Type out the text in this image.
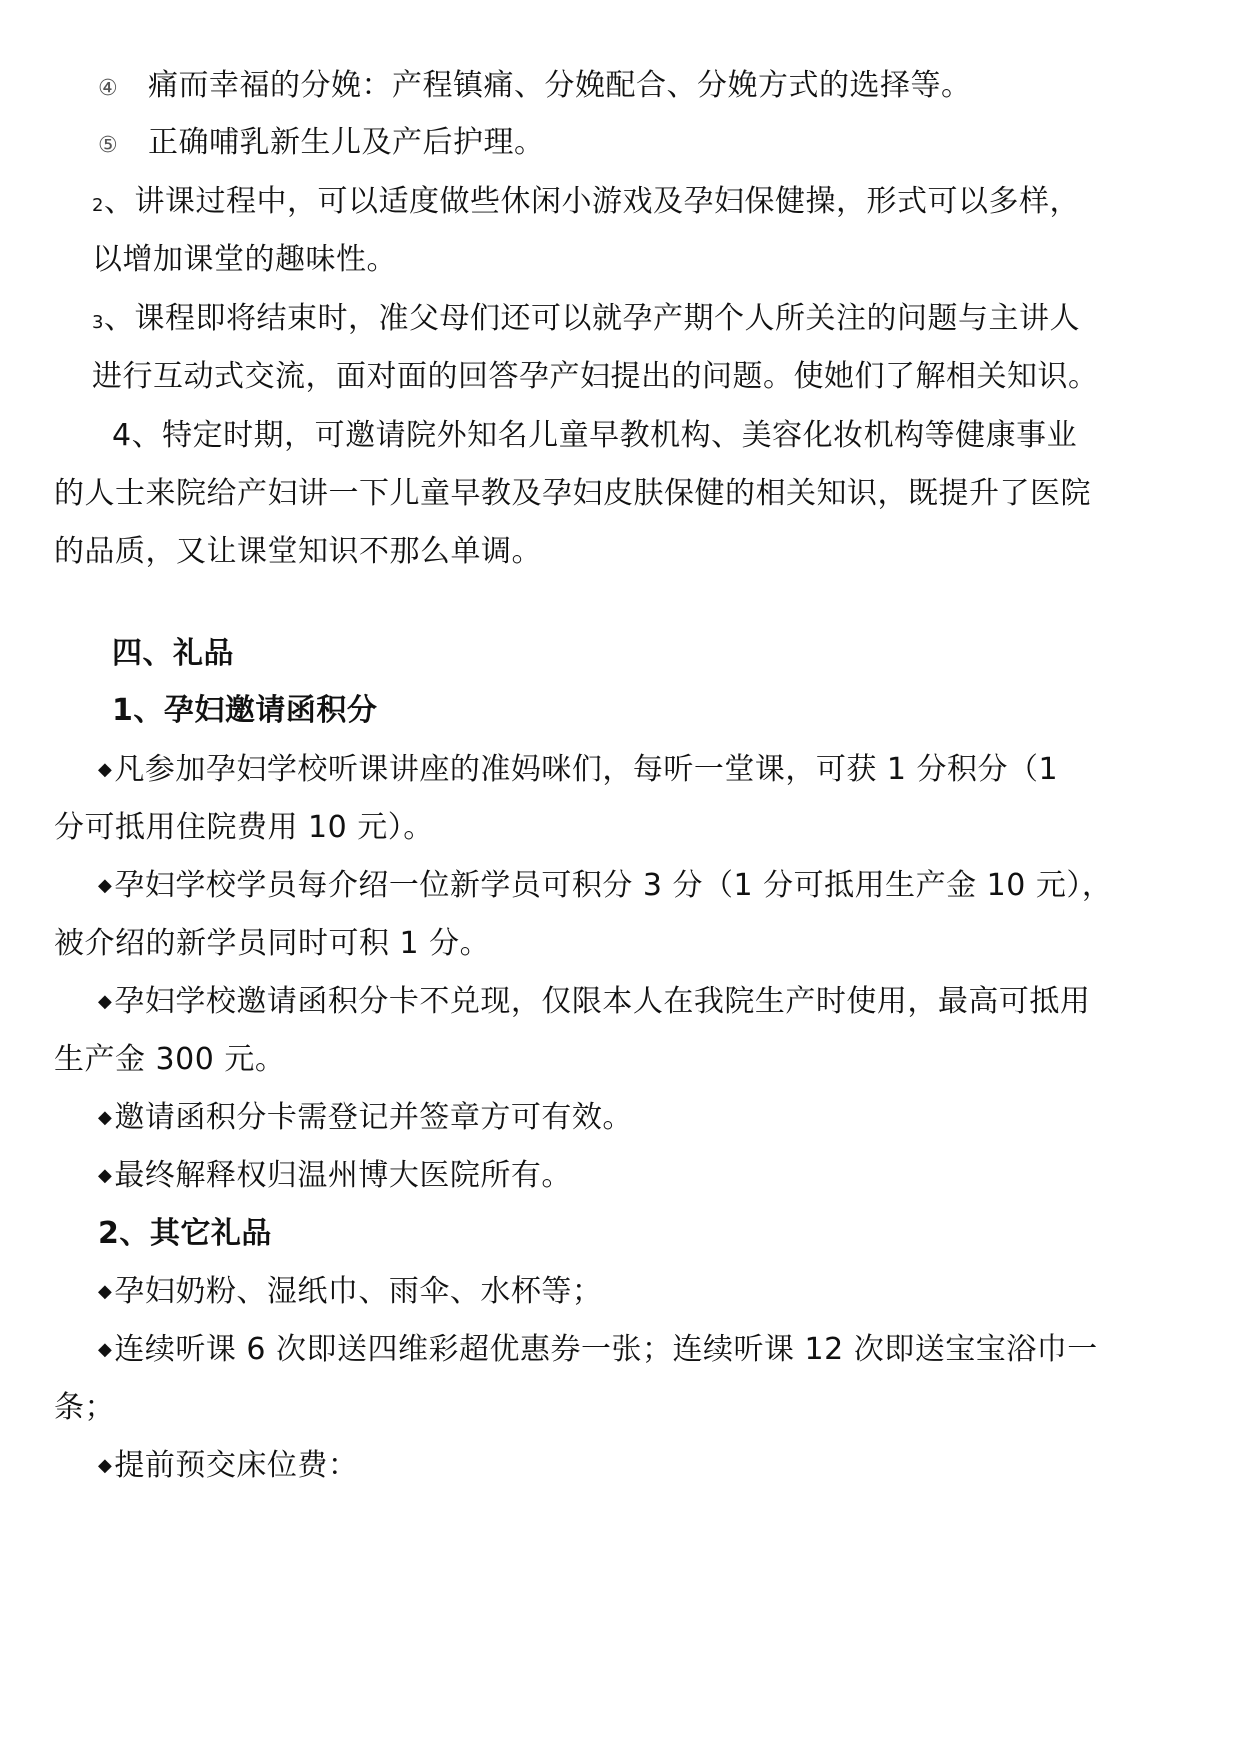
④ 痛而幸福的分娩：产程镇痛、分娩配合、分娩方式的选择等。
⑤ 正确哺乳新生儿及产后护理。
2、讲课过程中，可以适度做些休闲小游戏及孕妇保健操，形式可以多样，
以增加课堂的趣味性。
3、课程即将结束时，准父母们还可以就孕产期个人所关注的问题与主讲人
进行互动式交流，面对面的回答孕产妇提出的问题。使她们了解相关知识。
4、特定时期，可邀请院外知名儿童早教机构、美容化妆机构等健康事业
的人士来院给产妇讲一下儿童早教及孕妇皮肤保健的相关知识，既提升了医院
的品质，又让课堂知识不那么单调。
四、礼品
1、孕妇邀请函积分
◆凡参加孕妇学校听课讲座的准妈咪们，每听一堂课，可获 1 分积分（1
分可抵用住院费用 10 元）。
◆孕妇学校学员每介绍一位新学员可积分 3 分（1 分可抵用生产金 10 元），
被介绍的新学员同时可积 1 分。
◆孕妇学校邀请函积分卡不兑现，仅限本人在我院生产时使用，最高可抵用
生产金 300 元。
◆邀请函积分卡需登记并签章方可有效。
◆最终解释权归温州博大医院所有。
2、其它礼品
◆孕妇奶粉、湿纸巾、雨伞、水杯等；
◆连续听课 6 次即送四维彩超优惠券一张；连续听课 12 次即送宝宝浴巾一
条；
◆提前预交床位费：
